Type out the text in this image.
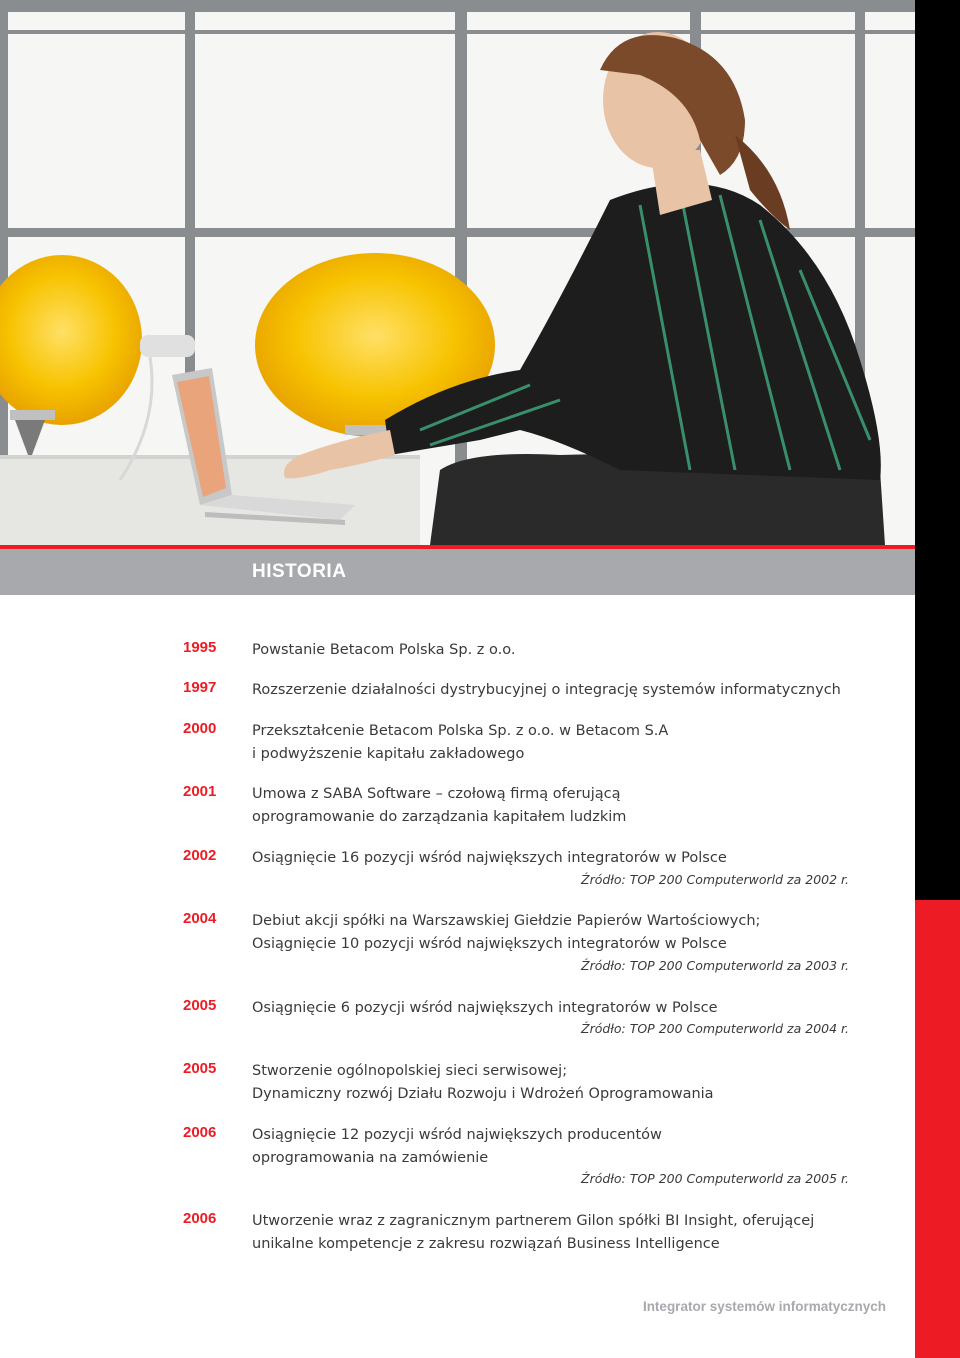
HISTORIA
1995 Powstanie Betacom Polska Sp. z o.o.
1997 Rozszerzenie działalności dystrybucyjnej o integrację systemów informatycznych
2000 Przekształcenie Betacom Polska Sp. z o.o. w Betacom S.A
i podwyższenie kapitału zakładowego
2001 Umowa z SABA Software – czołową firmą oferującą
oprogramowanie do zarządzania kapitałem ludzkim
2002 Osiągnięcie 16 pozycji wśród największych integratorów w Polsce
Źródło: TOP 200 Computerworld za 2002 r.
2004 Debiut akcji spółki na Warszawskiej Giełdzie Papierów Wartościowych;
Osiągnięcie 10 pozycji wśród największych integratorów w Polsce
Źródło: TOP 200 Computerworld za 2003 r.
2005 Osiągnięcie 6 pozycji wśród największych integratorów w Polsce
Źródło: TOP 200 Computerworld za 2004 r.
2005 Stworzenie ogólnopolskiej sieci serwisowej;
Dynamiczny rozwój Działu Rozwoju i Wdrożeń Oprogramowania
2006 Osiągnięcie 12 pozycji wśród największych producentów
oprogramowania na zamówienie
Źródło: TOP 200 Computerworld za 2005 r.
2006 Utworzenie wraz z zagranicznym partnerem Gilon spółki BI Insight, oferującej
unikalne kompetencje z zakresu rozwiązań Business Intelligence
Integrator systemów informatycznych
